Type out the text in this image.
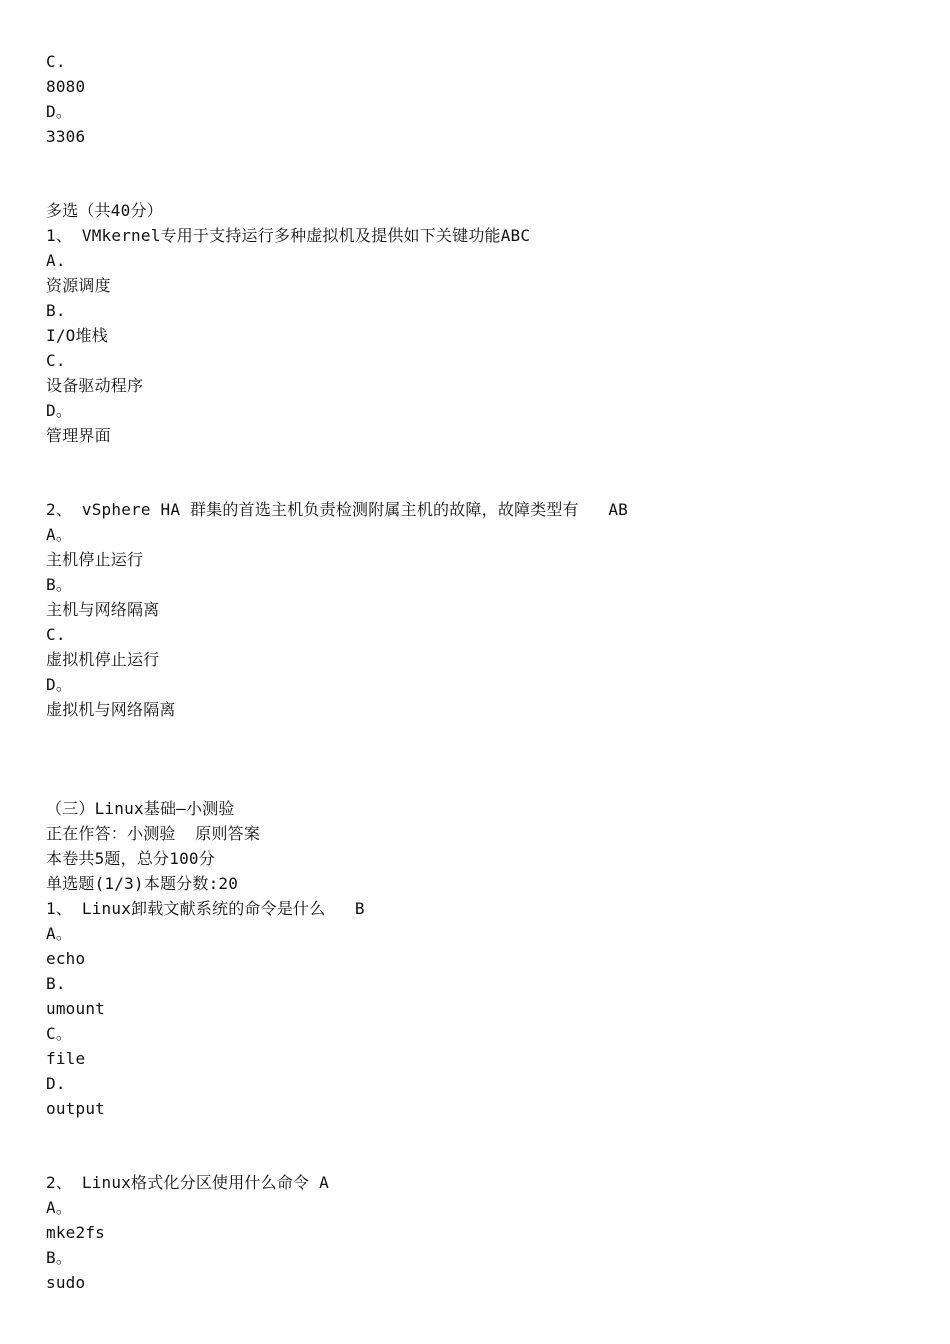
C.
8080
D。
3306
多选（共40分）
1、 VMkernel专用于支持运行多种虚拟机及提供如下关键功能ABC
A.
资源调度
B.
I/O堆栈
C.
设备驱动程序
D。
管理界面
2、 vSphere HA 群集的首选主机负责检测附属主机的故障，故障类型有   AB
A。
主机停止运行
B。
主机与网络隔离
C.
虚拟机停止运行
D。
虚拟机与网络隔离
（三）Linux基础—小测验
正在作答：小测验  原则答案
本卷共5题，总分100分
单选题(1/3)本题分数:20
1、 Linux卸载文献系统的命令是什么   B
A。
echo
B.
umount
C。
file
D.
output
2、 Linux格式化分区使用什么命令 A
A。
mke2fs
B。
sudo
